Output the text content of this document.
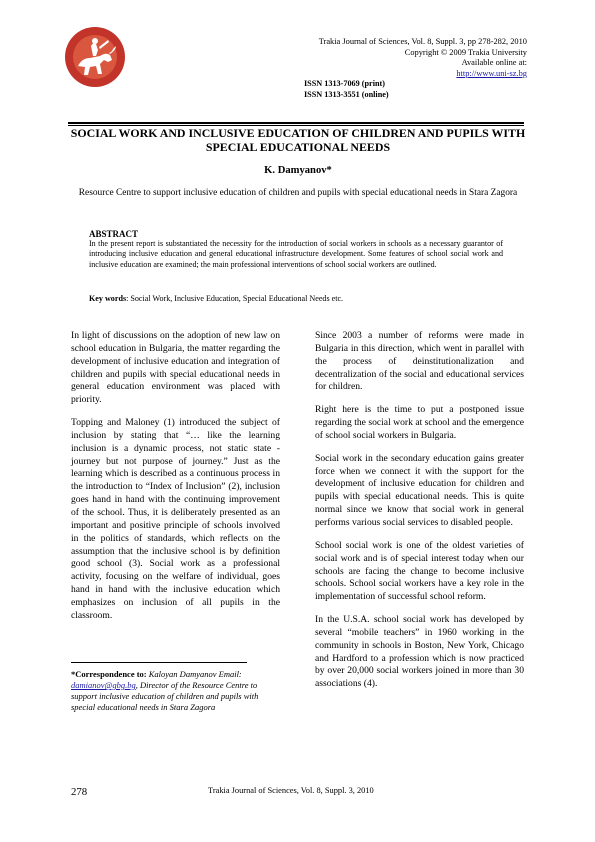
Trakia Journal of Sciences, Vol. 8, Suppl. 3, pp 278-282, 2010
Copyright © 2009 Trakia University
Available online at:
http://www.uni-sz.bg
ISSN 1313-7069 (print)
ISSN 1313-3551 (online)
SOCIAL WORK AND INCLUSIVE EDUCATION OF CHILDREN AND PUPILS WITH SPECIAL EDUCATIONAL NEEDS
K. Damyanov*
Resource Centre to support inclusive education of children and pupils with special educational needs in Stara Zagora
ABSTRACT
In the present report is substantiated the necessity for the introduction of social workers in schools as a necessary guarantor of introducing inclusive education and general educational infrastructure development. Some features of school social work and inclusive education are examined; the main professional interventions of school social workers are outlined.
Key words: Social Work, Inclusive Education, Special Educational Needs etc.

In light of discussions on the adoption of new law on school education in Bulgaria, the matter regarding the development of inclusive education and integration of children and pupils with special educational needs in general education environment was placed with priority.

Topping and Maloney (1) introduced the subject of inclusion by stating that “… like the learning inclusion is a dynamic process, not static state - journey but not purpose of journey.” Just as the learning which is described as a continuous process in the introduction to “Index of Inclusion” (2), inclusion goes hand in hand with the continuing improvement of the school. Thus, it is deliberately presented as an important and positive principle of schools involved in the politics of standards, which reflects on the assumption that the inclusive school is by definition good school (3). Social work as a professional activity, focusing on the welfare of individual, goes hand in hand with the inclusive education which emphasizes on inclusion of all pupils in the classroom.

*Correspondence to: Kaloyan Damyanov Email: damianov@gbg.bg, Director of the Resource Centre to support inclusive education of children and pupils with special educational needs in Stara Zagora

Since 2003 a number of reforms were made in Bulgaria in this direction, which went in parallel with the process of deinstitutionalization and decentralization of the social and educational services for children.

Right here is the time to put a postponed issue regarding the social work at school and the emergence of school social workers in Bulgaria.

Social work in the secondary education gains greater force when we connect it with the support for the development of inclusive education for children and pupils with special educational needs. This is quite normal since we know that social work in general performs various social services to disabled people.

School social work is one of the oldest varieties of social work and is of special interest today when our schools are facing the change to become inclusive schools. School social workers have a key role in the implementation of successful school reform.

In the U.S.A. school social work has developed by several “mobile teachers” in 1960 working in the community in schools in Boston, New York, Chicago and Hardford to a profession which is now practiced by over 20,000 social workers joined in more than 30 associations (4).

278	Trakia Journal of Sciences, Vol. 8, Suppl. 3, 2010
